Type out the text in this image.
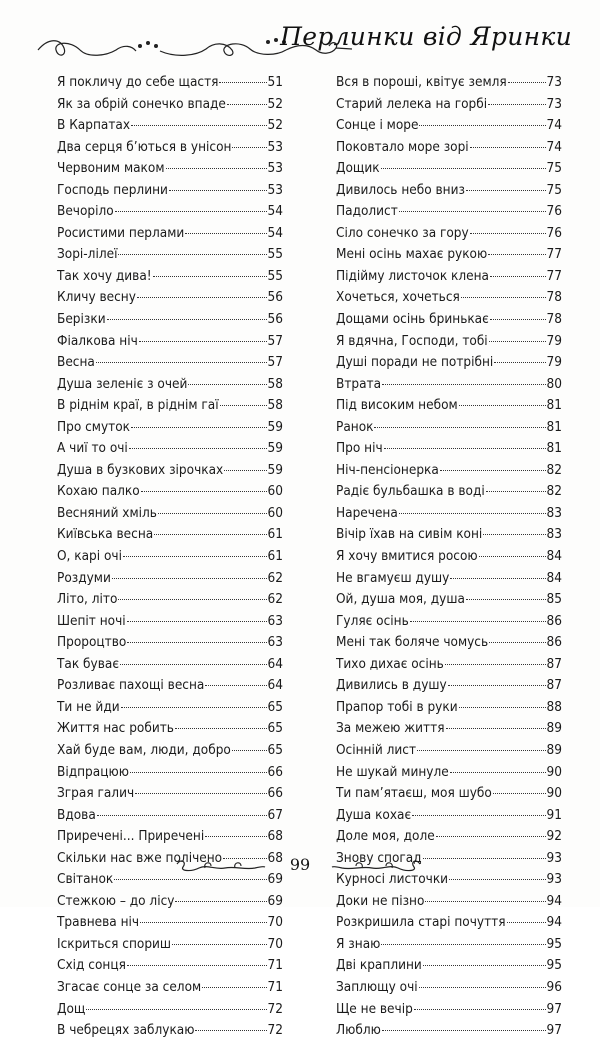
Перлинки від Яринки
Я покличу до себе щастя	51
Як за обрій сонечко впаде	52
В Карпатах	52
Два серця б’ються в унісон	53
Червоним маком	53
Господь перлини	53
Вечоріло	54
Росистими перлами	54
Зорі-лілеї	55
Так хочу дива!	55
Кличу весну	56
Берізки	56
Фіалкова ніч	57
Весна	57
Душа зеленіє з очей	58
В ріднім краї, в ріднім гаї	58
Про смуток	59
А чиї то очі	59
Душа в бузкових зірочках	59
Кохаю палко	60
Весняний хміль	60
Київська весна	61
О, карі очі	61
Роздуми	62
Літо, літо	62
Шепіт ночі	63
Пророцтво	63
Так буває	64
Розливає пахощі весна	64
Ти не йди	65
Життя нас робить	65
Хай буде вам, люди, добро	65
Відпрацюю	66
Зграя галич	66
Вдова	67
Приречені... Приречені	68
Скільки нас вже полічено	68
Світанок	69
Стежкою – до лісу	69
Травнева ніч	70
Іскриться спориш	70
Схід сонця	71
Згасає сонце за селом	71
Дощ	72
В чебрецях заблукаю	72
Вся в пороші, квітує земля	73
Старий лелека на горбі	73
Сонце і море	74
Поковтало море зорі	74
Дощик	75
Дивилось небо вниз	75
Падолист	76
Сіло сонечко за гору	76
Мені осінь махає рукою	77
Підійму листочок клена	77
Хочеться, хочеться	78
Дощами осінь бринькає	78
Я вдячна, Господи, тобі	79
Душі поради не потрібні	79
Втрата	80
Під високим небом	81
Ранок	81
Про ніч	81
Ніч-пенсіонерка	82
Радіє бульбашка в воді	82
Наречена	83
Вічір їхав на сивім коні	83
Я хочу вмитися росою	84
Не вгамуєш душу	84
Ой, душа моя, душа	85
Гуляє осінь	86
Мені так боляче чомусь	86
Тихо дихає осінь	87
Дивились в душу	87
Прапор тобі в руки	88
За межею життя	89
Осінній лист	89
Не шукай минуле	90
Ти пам’ятаєш, моя шубо	90
Душа кохає	91
Доле моя, доле	92
Знову спогад	93
Курносі листочки	93
Доки не пізно	94
Розкришила старі почуття	94
Я знаю	95
Дві краплини	95
Заплющу очі	96
Ще не вечір	97
Люблю	97
99
